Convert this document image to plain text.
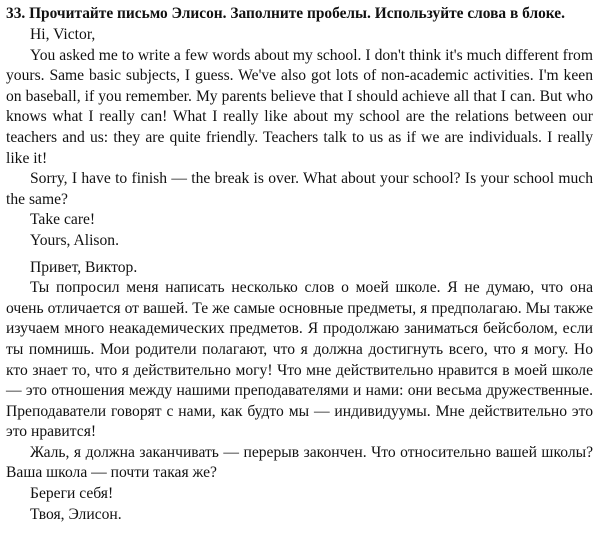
33. Прочитайте письмо Элисон. Заполните пробелы. Используйте слова в блоке.

Hi, Victor,

You asked me to write a few words about my school. I don't think it's much different from yours. Same basic subjects, I guess. We've also got lots of non-academic activities. I'm keen on baseball, if you remember. My parents believe that I should achieve all that I can. But who knows what I really can! What I really like about my school are the relations between our teachers and us: they are quite friendly. Teachers talk to us as if we are individuals. I really like it!

Sorry, I have to finish — the break is over. What about your school? Is your school much the same?

Take care!

Yours, Alison.

Привет, Виктор.

Ты попросил меня написать несколько слов о моей школе. Я не думаю, что она очень отличается от вашей. Те же самые основные предметы, я предполагаю. Мы также изучаем много неакадемических предметов. Я продолжаю заниматься бейсболом, если ты помнишь. Мои родители полагают, что я должна достигнуть всего, что я могу. Но кто знает то, что я действительно могу! Что мне действительно нравится в моей школе — это отношения между нашими преподавателями и нами: они весьма дружественные. Преподаватели говорят с нами, как будто мы — индивидуумы. Мне действительно это это нравится!

Жаль, я должна заканчивать — перерыв закончен. Что относительно вашей школы? Ваша школа — почти такая же?

Береги себя!

Твоя, Элисон.
